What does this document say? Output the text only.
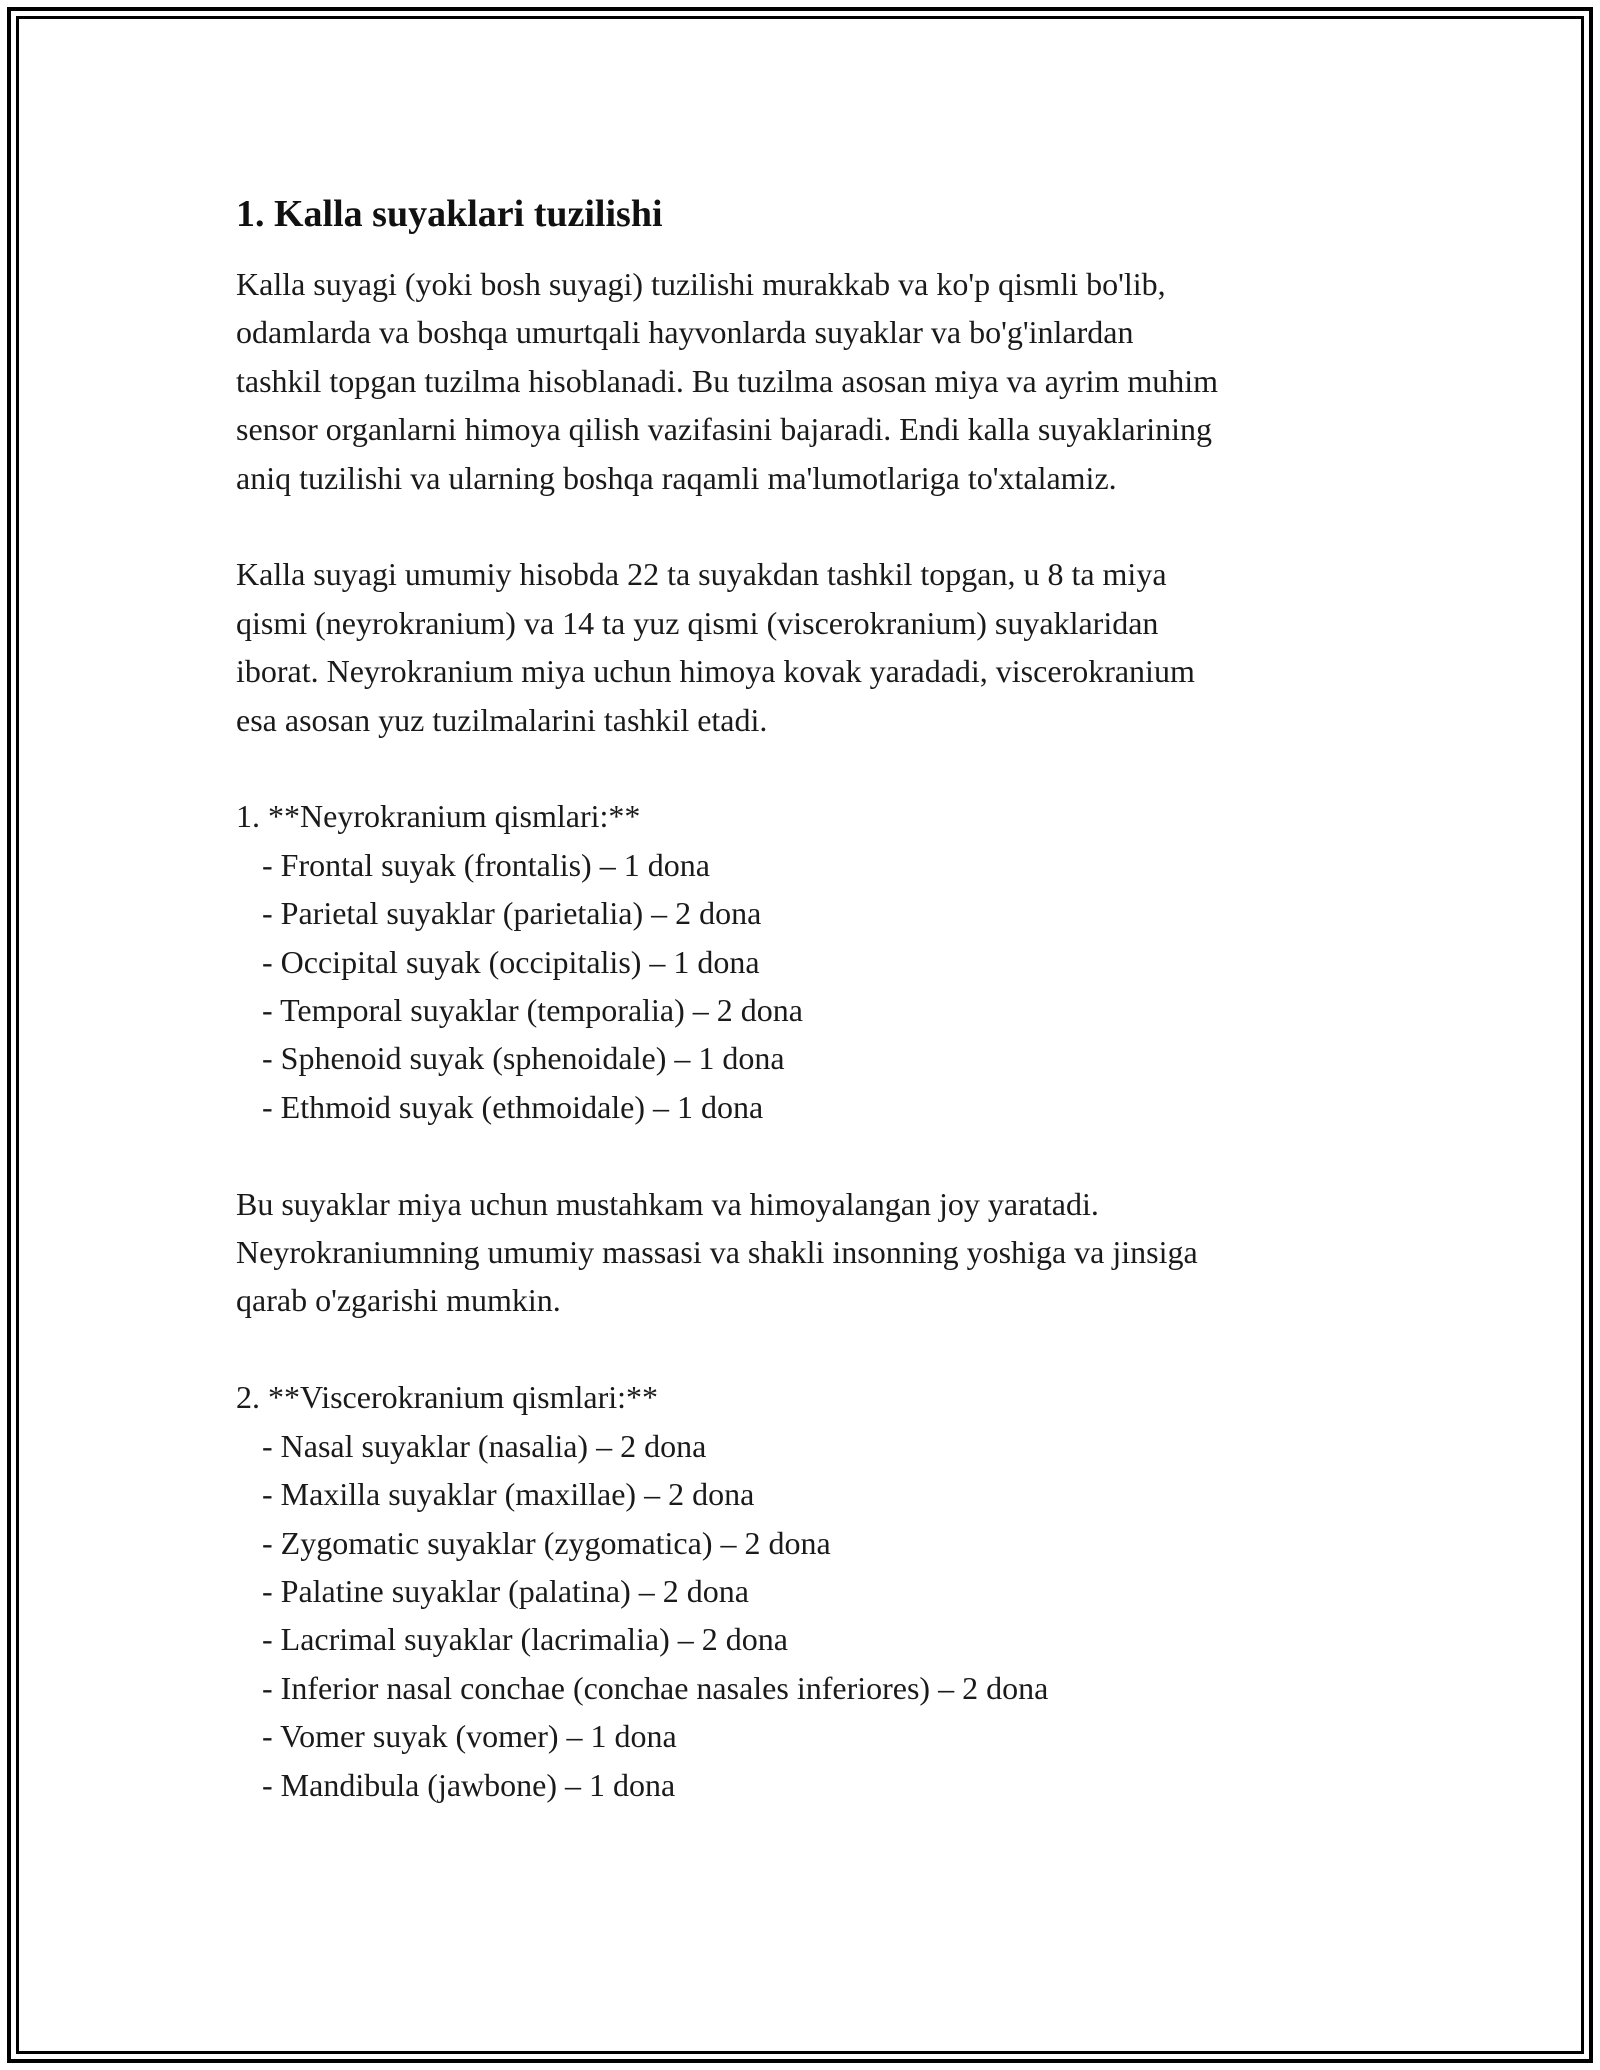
1. Kalla suyaklari tuzilishi
Kalla suyagi (yoki bosh suyagi) tuzilishi murakkab va ko'p qismli bo'lib,
odamlarda va boshqa umurtqali hayvonlarda suyaklar va bo'g'inlardan
tashkil topgan tuzilma hisoblanadi. Bu tuzilma asosan miya va ayrim muhim
sensor organlarni himoya qilish vazifasini bajaradi. Endi kalla suyaklarining
aniq tuzilishi va ularning boshqa raqamli ma'lumotlariga to'xtalamiz.
Kalla suyagi umumiy hisobda 22 ta suyakdan tashkil topgan, u 8 ta miya
qismi (neyrokranium) va 14 ta yuz qismi (viscerokranium) suyaklaridan
iborat. Neyrokranium miya uchun himoya kovak yaradadi, viscerokranium
esa asosan yuz tuzilmalarini tashkil etadi.
1. **Neyrokranium qismlari:**
- Frontal suyak (frontalis) – 1 dona
- Parietal suyaklar (parietalia) – 2 dona
- Occipital suyak (occipitalis) – 1 dona
- Temporal suyaklar (temporalia) – 2 dona
- Sphenoid suyak (sphenoidale) – 1 dona
- Ethmoid suyak (ethmoidale) – 1 dona
Bu suyaklar miya uchun mustahkam va himoyalangan joy yaratadi.
Neyrokraniumning umumiy massasi va shakli insonning yoshiga va jinsiga
qarab o'zgarishi mumkin.
2. **Viscerokranium qismlari:**
- Nasal suyaklar (nasalia) – 2 dona
- Maxilla suyaklar (maxillae) – 2 dona
- Zygomatic suyaklar (zygomatica) – 2 dona
- Palatine suyaklar (palatina) – 2 dona
- Lacrimal suyaklar (lacrimalia) – 2 dona
- Inferior nasal conchae (conchae nasales inferiores) – 2 dona
- Vomer suyak (vomer) – 1 dona
- Mandibula (jawbone) – 1 dona
